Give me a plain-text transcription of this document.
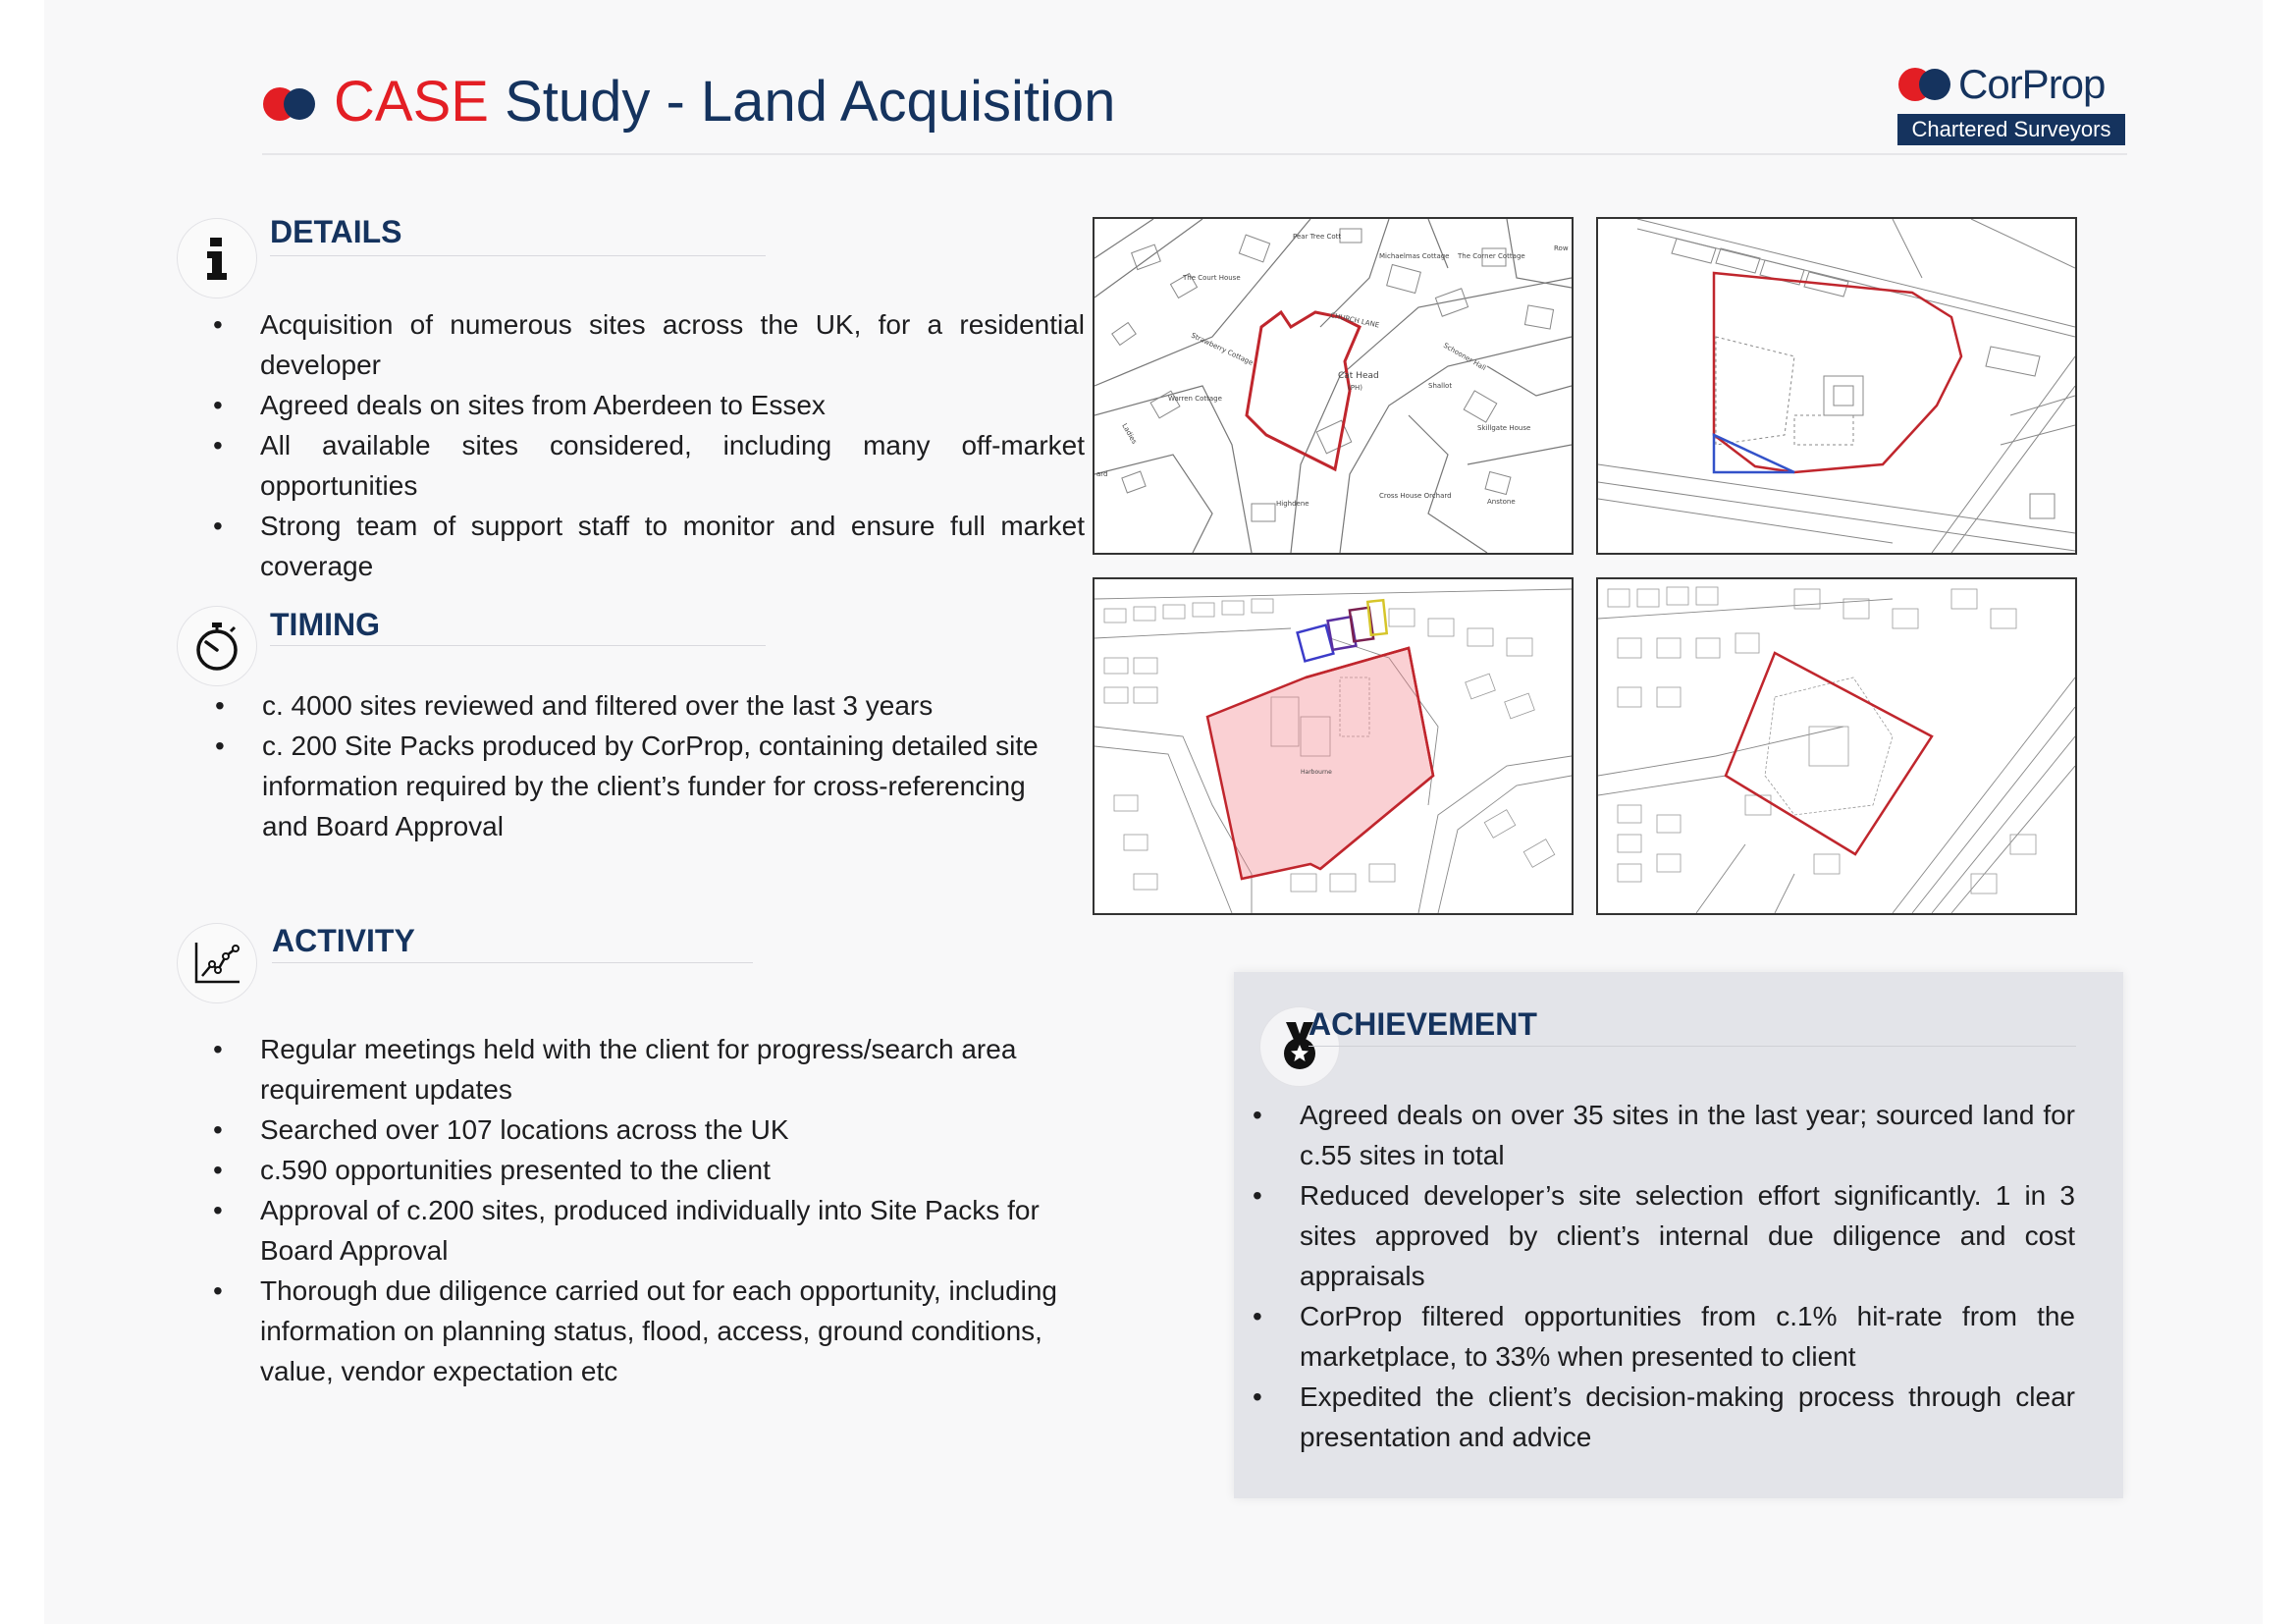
CASE Study - Land Acquisition	CorProp
Chartered Surveyors
DETAILS
• Acquisition of numerous sites across the UK, for a residential developer
• Agreed deals on sites from Aberdeen to Essex
• All available sites considered, including many off-market opportunities
• Strong team of support staff to monitor and ensure full market coverage
TIMING
• c. 4000 sites reviewed and filtered over the last 3 years
• c. 200 Site Packs produced by CorProp, containing detailed site information required by the client’s funder for cross-referencing and Board Approval
ACTIVITY
• Regular meetings held with the client for progress/search area requirement updates
• Searched over 107 locations across the UK
• c.590 opportunities presented to the client
• Approval of c.200 sites, produced individually into Site Packs for Board Approval
• Thorough due diligence carried out for each opportunity, including information on planning status, flood, access, ground conditions, value, vendor expectation etc
The Court House
Pear Tree Cott
Michaelmas Cottage The Corner Cottage
Row
CHURCH LANE
Strawberry Cottage
Warren Cottage
Ladies
Cat Head
(PH)
Schooner Hall
Shallot
Skillgate House
Highdene
Cross House Orchard
Anstone
ard
Harbourne
ACHIEVEMENT
• Agreed deals on over 35 sites in the last year; sourced land for c.55 sites in total
• Reduced developer’s site selection effort significantly. 1 in 3 sites approved by client’s internal due diligence and cost appraisals
• CorProp filtered opportunities from c.1% hit-rate from the marketplace, to 33% when presented to client
• Expedited the client’s decision-making process through clear presentation and advice
